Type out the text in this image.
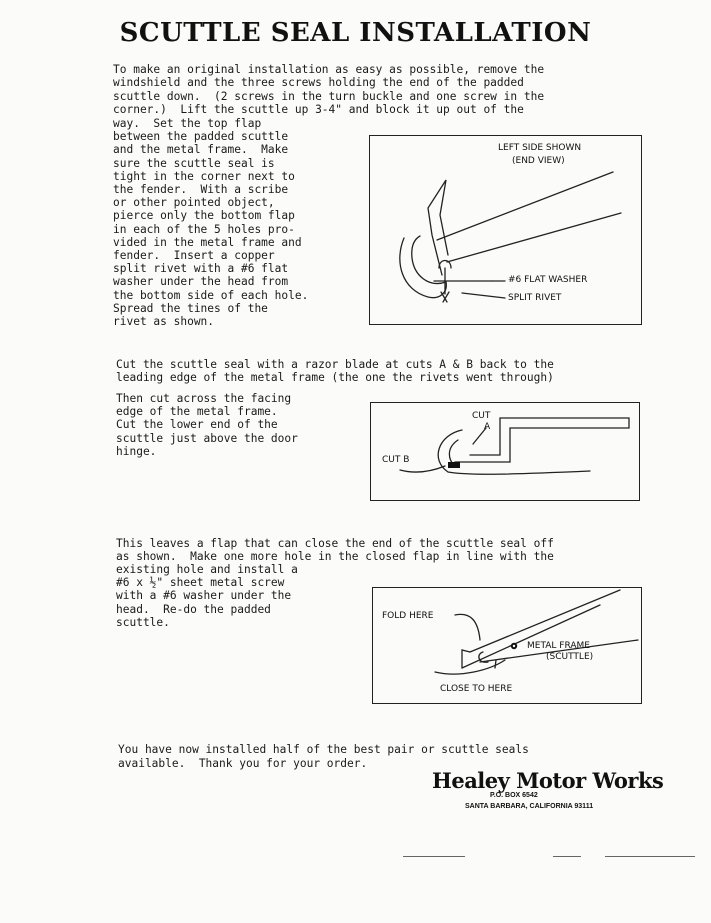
SCUTTLE SEAL INSTALLATION
To make an original installation as easy as possible, remove the
windshield and the three screws holding the end of the padded
scuttle down.  (2 screws in the turn buckle and one screw in the
corner.)  Lift the scuttle up 3-4" and block it up out of the
way.  Set the top flap
between the padded scuttle
and the metal frame.  Make
sure the scuttle seal is
tight in the corner next to
the fender.  With a scribe
or other pointed object,
pierce only the bottom flap
in each of the 5 holes pro-
vided in the metal frame and
fender.  Insert a copper
split rivet with a #6 flat
washer under the head from
the bottom side of each hole.
Spread the tines of the
rivet as shown.
LEFT SIDE SHOWN
(END VIEW)
#6 FLAT WASHER
SPLIT RIVET
Cut the scuttle seal with a razor blade at cuts A & B back to the
leading edge of the metal frame (the one the rivets went through)
Then cut across the facing
edge of the metal frame.
Cut the lower end of the
scuttle just above the door
hinge.
CUT
A
CUT B
This leaves a flap that can close the end of the scuttle seal off
as shown.  Make one more hole in the closed flap in line with the
existing hole and install a
#6 x ½" sheet metal screw
with a #6 washer under the
head.  Re-do the padded
scuttle.	FOLD HERE
METAL FRAME
(SCUTTLE)
CLOSE TO HERE
You have now installed half of the best pair or scuttle seals
available.  Thank you for your order.
Healey Motor Works
P.O. BOX 6542
SANTA BARBARA, CALIFORNIA 93111
